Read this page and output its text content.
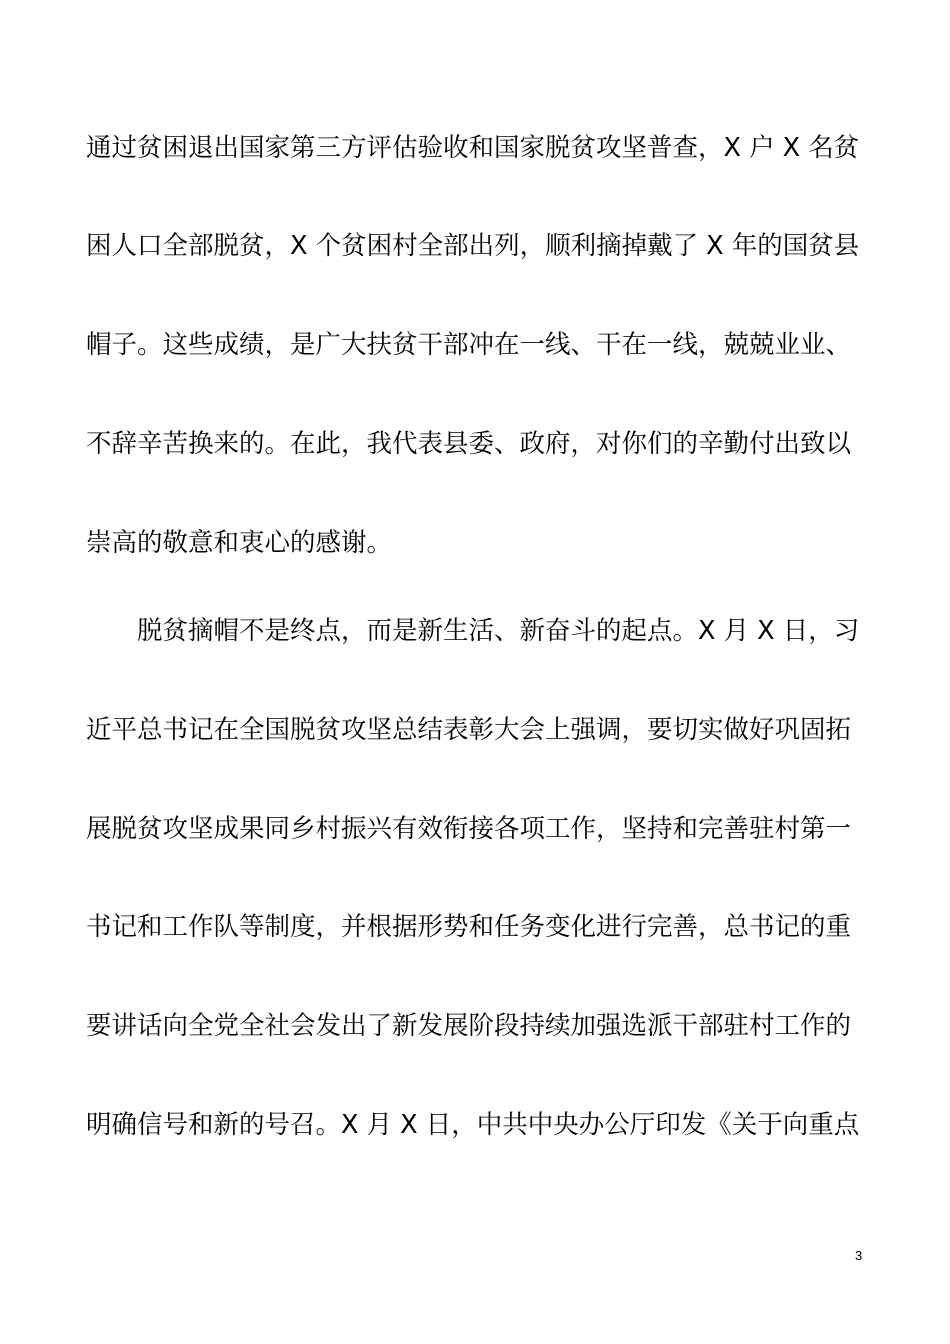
通过贫困退出国家第三方评估验收和国家脱贫攻坚普查，X 户 X 名贫
困人口全部脱贫，X 个贫困村全部出列，顺利摘掉戴了 X 年的国贫县
帽子。这些成绩，是广大扶贫干部冲在一线、干在一线，兢兢业业、
不辞辛苦换来的。在此，我代表县委、政府，对你们的辛勤付出致以
崇高的敬意和衷心的感谢。
脱贫摘帽不是终点，而是新生活、新奋斗的起点。X 月 X 日，习
近平总书记在全国脱贫攻坚总结表彰大会上强调，要切实做好巩固拓
展脱贫攻坚成果同乡村振兴有效衔接各项工作，坚持和完善驻村第一
书记和工作队等制度，并根据形势和任务变化进行完善，总书记的重
要讲话向全党全社会发出了新发展阶段持续加强选派干部驻村工作的
明确信号和新的号召。X 月 X 日，中共中央办公厅印发《关于向重点
3
